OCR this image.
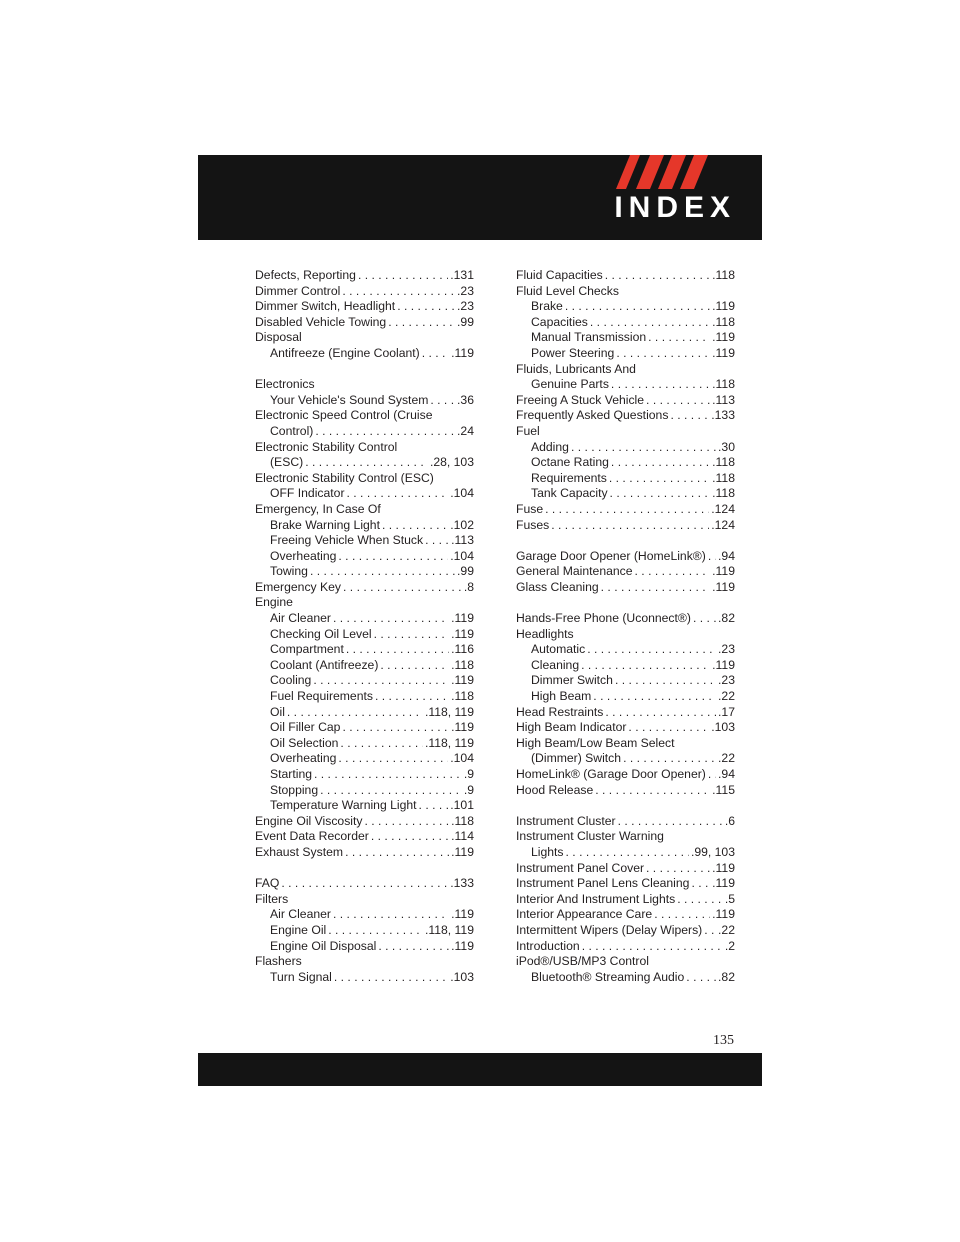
INDEX
Defects, Reporting . . .	.131
Dimmer Control . . .	.23
Dimmer Switch, Headlight . . .	.23
Disabled Vehicle Towing . . .	.99
Disposal
Antifreeze (Engine Coolant) . . .	.119
Electronics
Your Vehicle's Sound System . . . .36
Electronic Speed Control (Cruise
Control) . . .	.24
Electronic Stability Control
(ESC) . . .	.28, 103
Electronic Stability Control (ESC)
OFF Indicator . . .	.104
Emergency, In Case Of
Brake Warning Light . . .	.102
Freeing Vehicle When Stuck . . . .113
Overheating . . .	.104
Towing . . .	.99
Emergency Key . . .	.8
Engine
Air Cleaner . . .	.119
Checking Oil Level . . .	.119
Compartment . . .	.116
Coolant (Antifreeze) . . .	.118
Cooling . . .	.119
Fuel Requirements . . .	.118
Oil . . .	.118, 119
Oil Filler Cap . . .	.119
Oil Selection . . .	.118, 119
Overheating . . .	.104
Starting . . .	.9
Stopping . . .	.9
Temperature Warning Light . . .	.101
Engine Oil Viscosity . . .	.118
Event Data Recorder . . .	.114
Exhaust System . . .	.119
FAQ . . .	.133
Filters
Air Cleaner . . .	.119
Engine Oil . . .	.118, 119
Engine Oil Disposal . . .	.119
Flashers
Turn Signal . . .	.103
Fluid Capacities . . .	.118
Fluid Level Checks
Brake . . .	.119
Capacities . . .	.118
Manual Transmission . . .	.119
Power Steering . . .	.119
Fluids, Lubricants And
Genuine Parts . . .	.118
Freeing A Stuck Vehicle . . .	.113
Frequently Asked Questions . . .	.133
Fuel
Adding . . .	.30
Octane Rating . . .	.118
Requirements . . .	.118
Tank Capacity . . .	.118
Fuse . . .	.124
Fuses . . .	.124
Garage Door Opener (HomeLink®) . . . .94
General Maintenance . . .	.119
Glass Cleaning . . .	.119
Hands-Free Phone (Uconnect®) . . . .82
Headlights
Automatic . . .	.23
Cleaning . . .	.119
Dimmer Switch . . .	.23
High Beam . . .	.22
Head Restraints . . .	.17
High Beam Indicator . . .	.103
High Beam/Low Beam Select
(Dimmer) Switch . . .	.22
HomeLink® (Garage Door Opener) . . . .94
Hood Release . . .	.115
Instrument Cluster . . .	.6
Instrument Cluster Warning
Lights . . .	.99, 103
Instrument Panel Cover . . .	.119
Instrument Panel Lens Cleaning . . . .119
Interior And Instrument Lights . . .	.5
Interior Appearance Care . . .	.119
Intermittent Wipers (Delay Wipers) . . . .22
Introduction . . .	.2
iPod®/USB/MP3 Control
Bluetooth® Streaming Audio . . .	.82
135
